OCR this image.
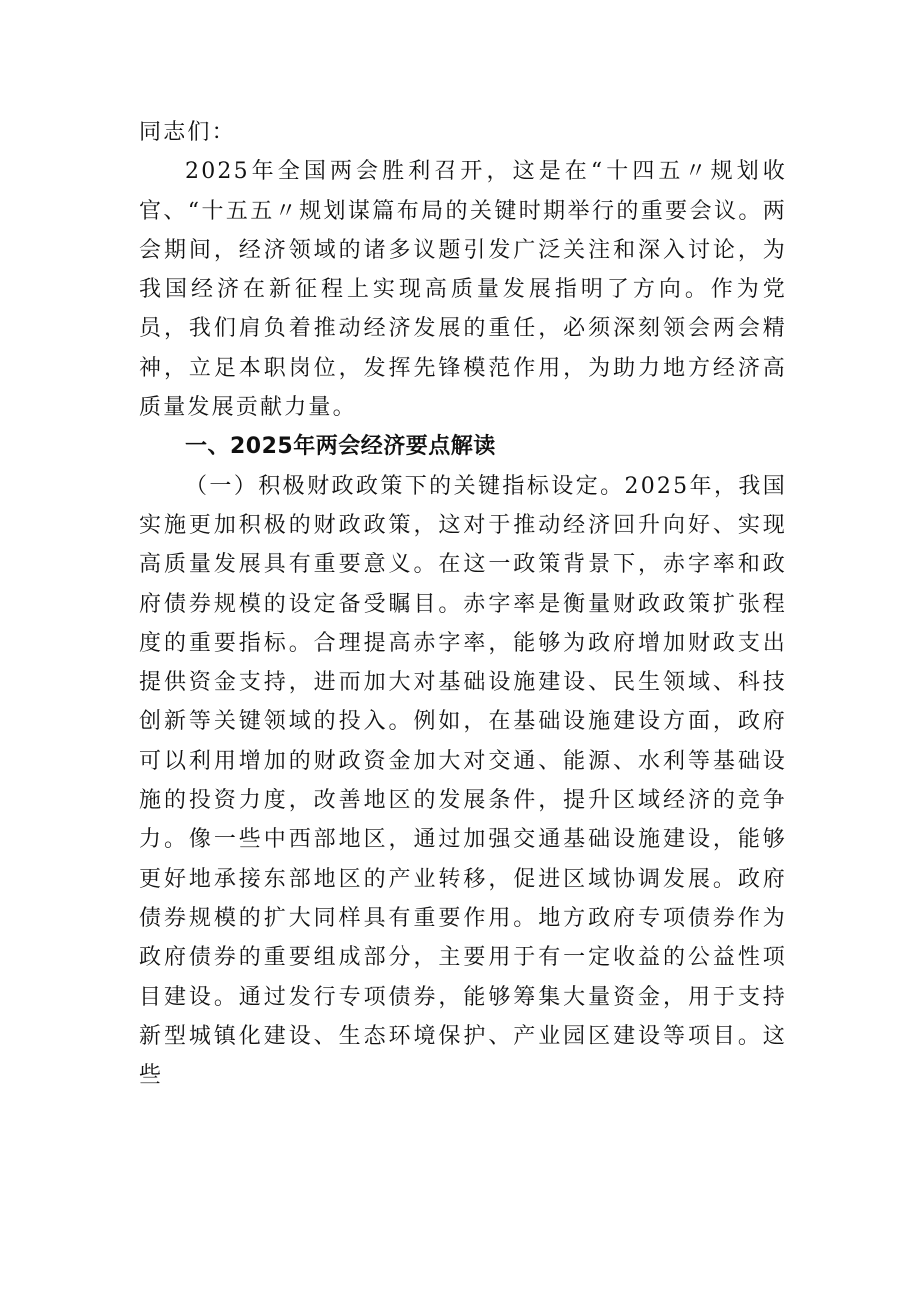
同志们：

2025年全国两会胜利召开，这是在“十四五〃规划收官、“十五五〃规划谋篇布局的关键时期举行的重要会议。两会期间，经济领域的诸多议题引发广泛关注和深入讨论，为我国经济在新征程上实现高质量发展指明了方向。作为党员，我们肩负着推动经济发展的重任，必须深刻领会两会精神，立足本职岗位，发挥先锋模范作用，为助力地方经济高质量发展贡献力量。

一、2025年两会经济要点解读

（一）积极财政政策下的关键指标设定。2025年，我国实施更加积极的财政政策，这对于推动经济回升向好、实现高质量发展具有重要意义。在这一政策背景下，赤字率和政府债券规模的设定备受瞩目。赤字率是衡量财政政策扩张程度的重要指标。合理提高赤字率，能够为政府增加财政支出提供资金支持，进而加大对基础设施建设、民生领域、科技创新等关键领域的投入。例如，在基础设施建设方面，政府可以利用增加的财政资金加大对交通、能源、水利等基础设施的投资力度，改善地区的发展条件，提升区域经济的竞争力。像一些中西部地区，通过加强交通基础设施建设，能够更好地承接东部地区的产业转移，促进区域协调发展。政府债券规模的扩大同样具有重要作用。地方政府专项债券作为政府债券的重要组成部分，主要用于有一定收益的公益性项目建设。通过发行专项债券，能够筹集大量资金，用于支持新型城镇化建设、生态环境保护、产业园区建设等项目。这些
